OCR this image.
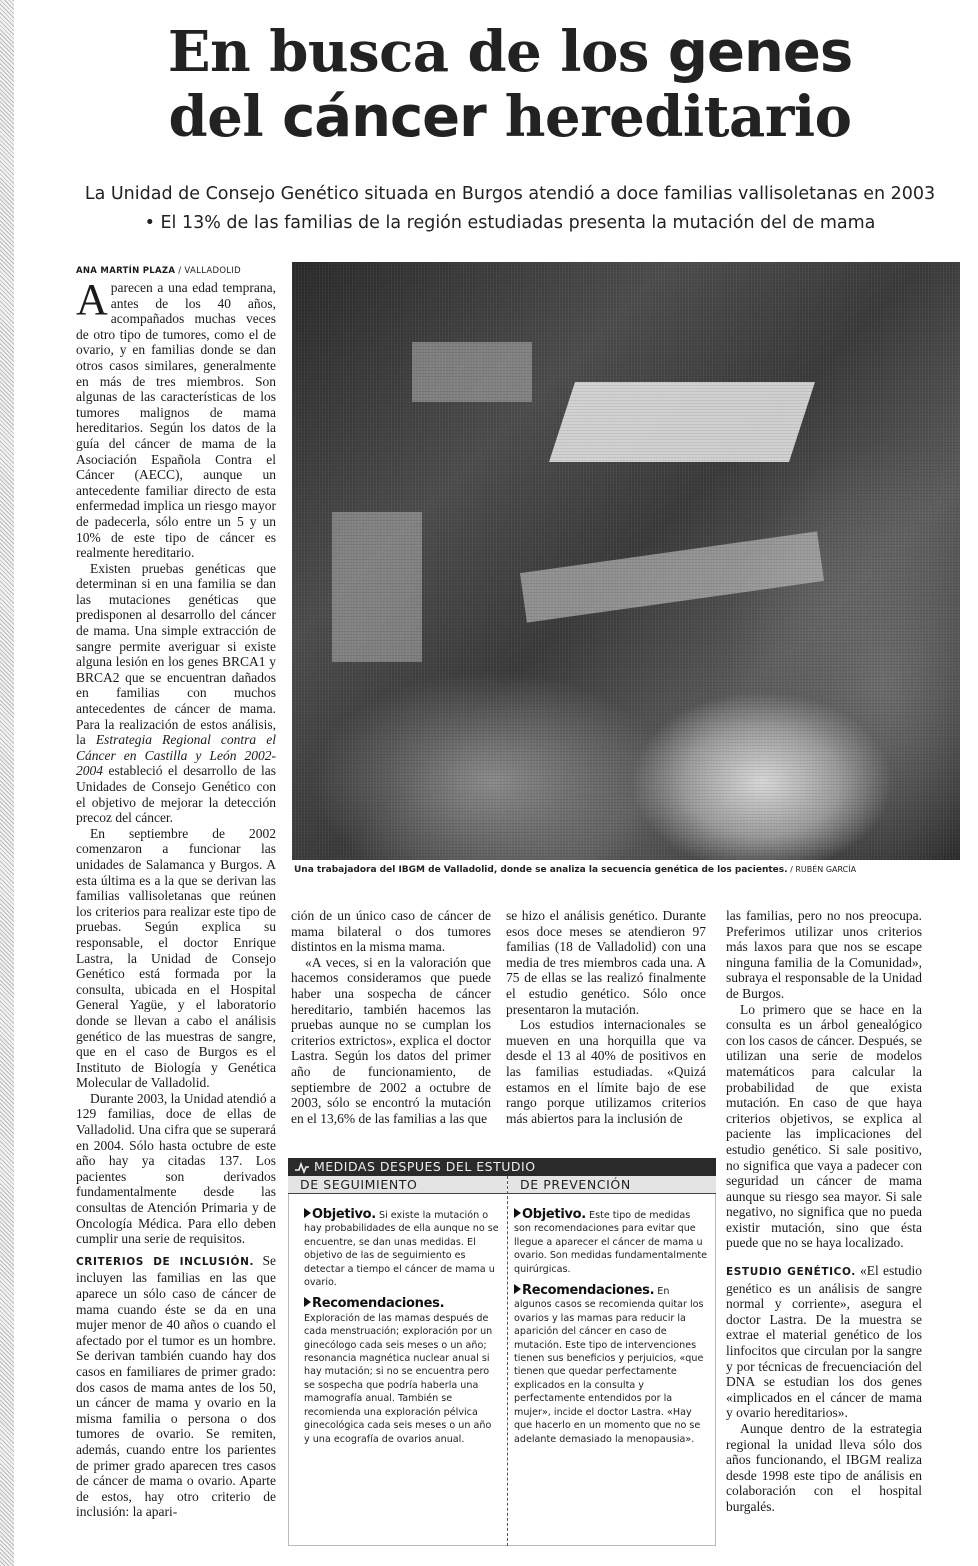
En busca de los genes
del cáncer hereditario
La Unidad de Consejo Genético situada en Burgos atendió a doce familias vallisoletanas en 2003 • El 13% de las familias de la región estudiadas presenta la mutación del de mama

ANA MARTÍN PLAZA / VALLADOLID

Aparecen a una edad temprana, antes de los 40 años, acompañados muchas veces de otro tipo de tumores, como el de ovario, y en familias donde se dan otros casos similares, generalmente en más de tres miembros. Son algunas de las características de los tumores malignos de mama hereditarios. Según los datos de la guía del cáncer de mama de la Asociación Española Contra el Cáncer (AECC), aunque un antecedente familiar directo de esta enfermedad implica un riesgo mayor de padecerla, sólo entre un 5 y un 10% de este tipo de cáncer es realmente hereditario.

Existen pruebas genéticas que determinan si en una familia se dan las mutaciones genéticas que predisponen al desarrollo del cáncer de mama. Una simple extracción de sangre permite averiguar si existe alguna lesión en los genes BRCA1 y BRCA2 que se encuentran dañados en familias con muchos antecedentes de cáncer de mama. Para la realización de estos análisis, la Estrategia Regional contra el Cáncer en Castilla y León 2002-2004 estableció el desarrollo de las Unidades de Consejo Genético con el objetivo de mejorar la detección precoz del cáncer.

En septiembre de 2002 comenzaron a funcionar las unidades de Salamanca y Burgos. A esta última es a la que se derivan las familias vallisoletanas que reúnen los criterios para realizar este tipo de pruebas. Según explica su responsable, el doctor Enrique Lastra, la Unidad de Consejo Genético está formada por la consulta, ubicada en el Hospital General Yagüe, y el laboratorio donde se llevan a cabo el análisis genético de las muestras de sangre, que en el caso de Burgos es el Instituto de Biología y Genética Molecular de Valladolid.

Durante 2003, la Unidad atendió a 129 familias, doce de ellas de Valladolid. Una cifra que se superará en 2004. Sólo hasta octubre de este año hay ya citadas 137. Los pacientes son derivados fundamentalmente desde las consultas de Atención Primaria y de Oncología Médica. Para ello deben cumplir una serie de requisitos.

CRITERIOS DE INCLUSIÓN. Se incluyen las familias en las que aparece un sólo caso de cáncer de mama cuando éste se da en una mujer menor de 40 años o cuando el afectado por el tumor es un hombre. Se derivan también cuando hay dos casos en familiares de primer grado: dos casos de mama antes de los 50, un cáncer de mama y ovario en la misma familia o persona o dos tumores de ovario. Se remiten, además, cuando entre los parientes de primer grado aparecen tres casos de cáncer de mama o ovario. Aparte de estos, hay otro criterio de inclusión: la apari-

Una trabajadora del IBGM de Valladolid, donde se analiza la secuencia genética de los pacientes. / RUBÉN GARCÍA

ción de un único caso de cáncer de mama bilateral o dos tumores distintos en la misma mama.

«A veces, si en la valoración que hacemos consideramos que puede haber una sospecha de cáncer hereditario, también hacemos las pruebas aunque no se cumplan los criterios extrictos», explica el doctor Lastra. Según los datos del primer año de funcionamiento, de septiembre de 2002 a octubre de 2003, sólo se encontró la mutación en el 13,6% de las familias a las que

se hizo el análisis genético. Durante esos doce meses se atendieron 97 familias (18 de Valladolid) con una media de tres miembros cada una. A 75 de ellas se las realizó finalmente el estudio genético. Sólo once presentaron la mutación.

Los estudios internacionales se mueven en una horquilla que va desde el 13 al 40% de positivos en las familias estudiadas. «Quizá estamos en el límite bajo de ese rango porque utilizamos criterios más abiertos para la inclusión de

las familias, pero no nos preocupa. Preferimos utilizar unos criterios más laxos para que nos se escape ninguna familia de la Comunidad», subraya el responsable de la Unidad de Burgos.

Lo primero que se hace en la consulta es un árbol genealógico con los casos de cáncer. Después, se utilizan una serie de modelos matemáticos para calcular la probabilidad de que exista mutación. En caso de que haya criterios objetivos, se explica al paciente las implicaciones del estudio genético. Si sale positivo, no significa que vaya a padecer con seguridad un cáncer de mama aunque su riesgo sea mayor. Si sale negativo, no significa que no pueda existir mutación, sino que ésta puede que no se haya localizado.

ESTUDIO GENÉTICO. «El estudio genético es un análisis de sangre normal y corriente», asegura el doctor Lastra. De la muestra se extrae el material genético de los linfocitos que circulan por la sangre y por técnicas de frecuenciación del DNA se estudian los dos genes «implicados en el cáncer de mama y ovario hereditarios».

Aunque dentro de la estrategia regional la unidad lleva sólo dos años funcionando, el IBGM realiza desde 1998 este tipo de análisis en colaboración con el hospital burgalés.

MEDIDAS DESPUES DEL ESTUDIO
DE SEGUIMIENTO	DE PREVENCIÓN

Objetivo. Si existe la mutación o hay probabilidades de ella aunque no se encuentre, se dan unas medidas. El objetivo de las de seguimiento es detectar a tiempo el cáncer de mama u ovario.

Recomendaciones. Exploración de las mamas después de cada menstruación; exploración por un ginecólogo cada seis meses o un año; resonancia magnética nuclear anual si hay mutación; si no se encuentra pero se sospecha que podría haberla una mamografía anual. También se recomienda una exploración pélvica ginecológica cada seis meses o un año y una ecografía de ovarios anual.

Objetivo. Este tipo de medidas son recomendaciones para evitar que llegue a aparecer el cáncer de mama u ovario. Son medidas fundamentalmente quirúrgicas.

Recomendaciones. En algunos casos se recomienda quitar los ovarios y las mamas para reducir la aparición del cáncer en caso de mutación. Este tipo de intervenciones tienen sus beneficios y perjuicios, «que tienen que quedar perfectamente explicados en la consulta y perfectamente entendidos por la mujer», incide el doctor Lastra. «Hay que hacerlo en un momento que no se adelante demasiado la menopausia».
